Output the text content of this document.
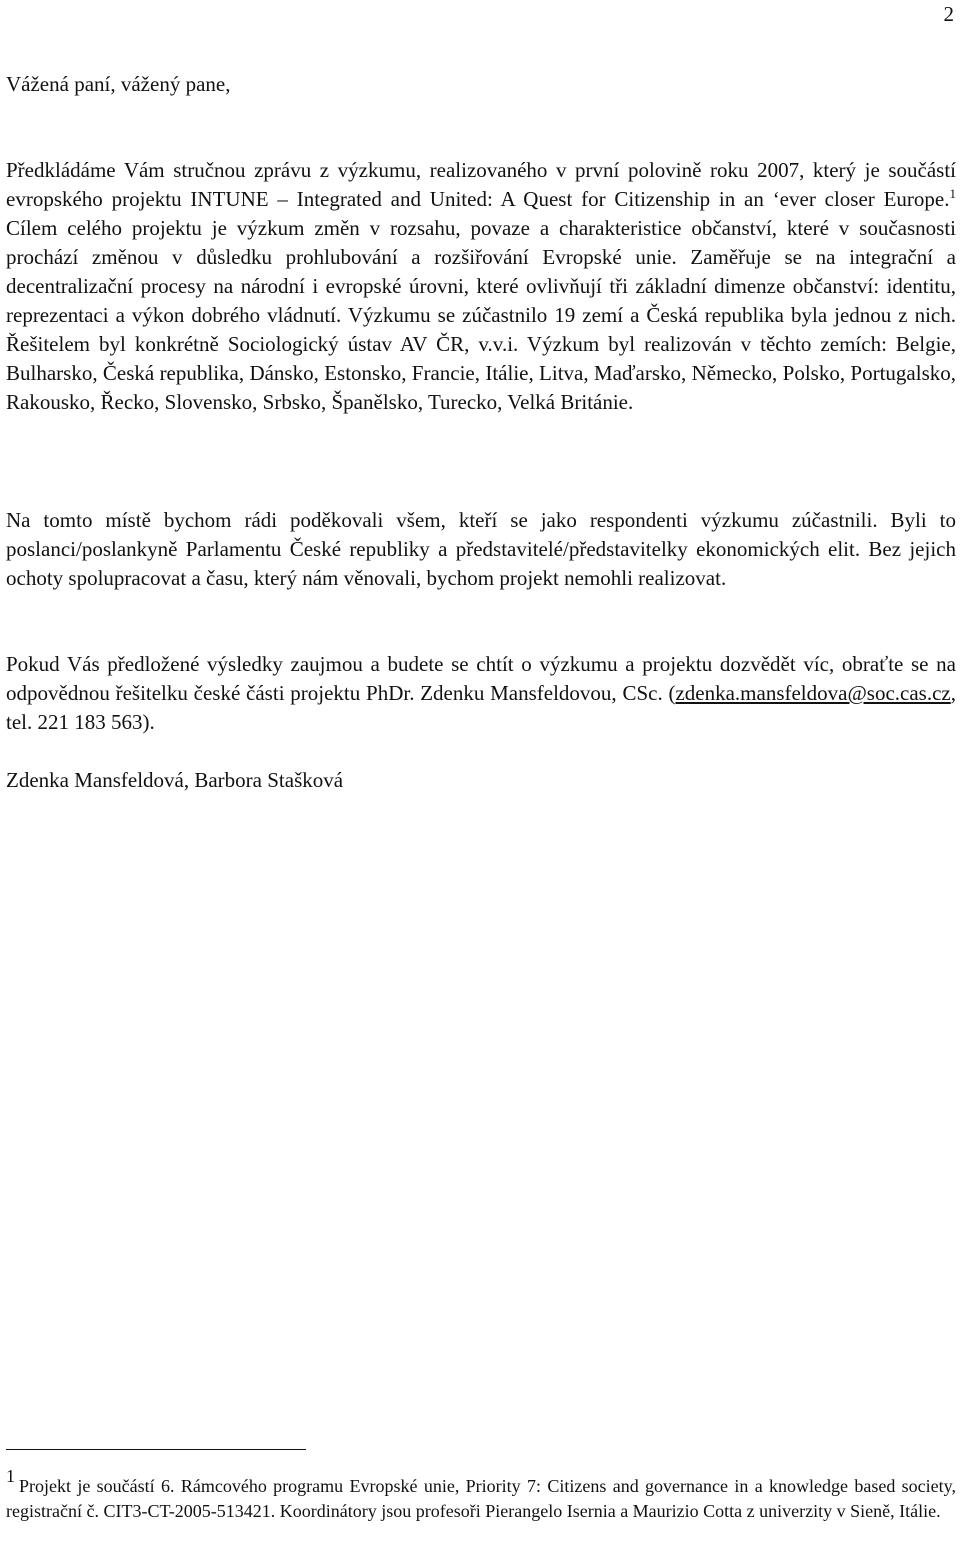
2
Vážená paní, vážený pane,

Předkládáme Vám stručnou zprávu z výzkumu, realizovaného v první polovině roku 2007, který je součástí evropského projektu INTUNE – Integrated and United: A Quest for Citizenship in an ‘ever closer Europe.$^1$ Cílem celého projektu je výzkum změn v rozsahu, povaze a charakteristice občanství, které v současnosti prochází změnou v důsledku prohlubování a rozšiřování Evropské unie. Zaměřuje se na integrační a decentralizační procesy na národní i evropské úrovni, které ovlivňují tři základní dimenze občanství: identitu, reprezentaci a výkon dobrého vládnutí. Výzkumu se zúčastnilo 19 zemí a Česká republika byla jednou z nich. Řešitelem byl konkrétně Sociologický ústav AV ČR, v.v.i. Výzkum byl realizován v těchto zemích: Belgie, Bulharsko, Česká republika, Dánsko, Estonsko, Francie, Itálie, Litva, Maďarsko, Německo, Polsko, Portugalsko, Rakousko, Řecko, Slovensko, Srbsko, Španělsko, Turecko, Velká Británie.

Na tomto místě bychom rádi poděkovali všem, kteří se jako respondenti výzkumu zúčastnili. Byli to poslanci/poslankyně Parlamentu České republiky a představitelé/představitelky ekonomických elit. Bez jejich ochoty spolupracovat a času, který nám věnovali, bychom projekt nemohli realizovat.

Pokud Vás předložené výsledky zaujmou a budete se chtít o výzkumu a projektu dozvědět víc, obraťte se na odpovědnou řešitelku české části projektu PhDr. Zdenku Mansfeldovou, CSc. (zdenka.mansfeldova@soc.cas.cz, tel. 221 183 563).

Zdenka Mansfeldová, Barbora Stašková

1 Projekt je součástí 6. Rámcového programu Evropské unie, Priority 7: Citizens and governance in a knowledge based society, registrační č. CIT3-CT-2005-513421. Koordinátory jsou profesoři Pierangelo Isernia a Maurizio Cotta z univerzity v Sieně, Itálie.
